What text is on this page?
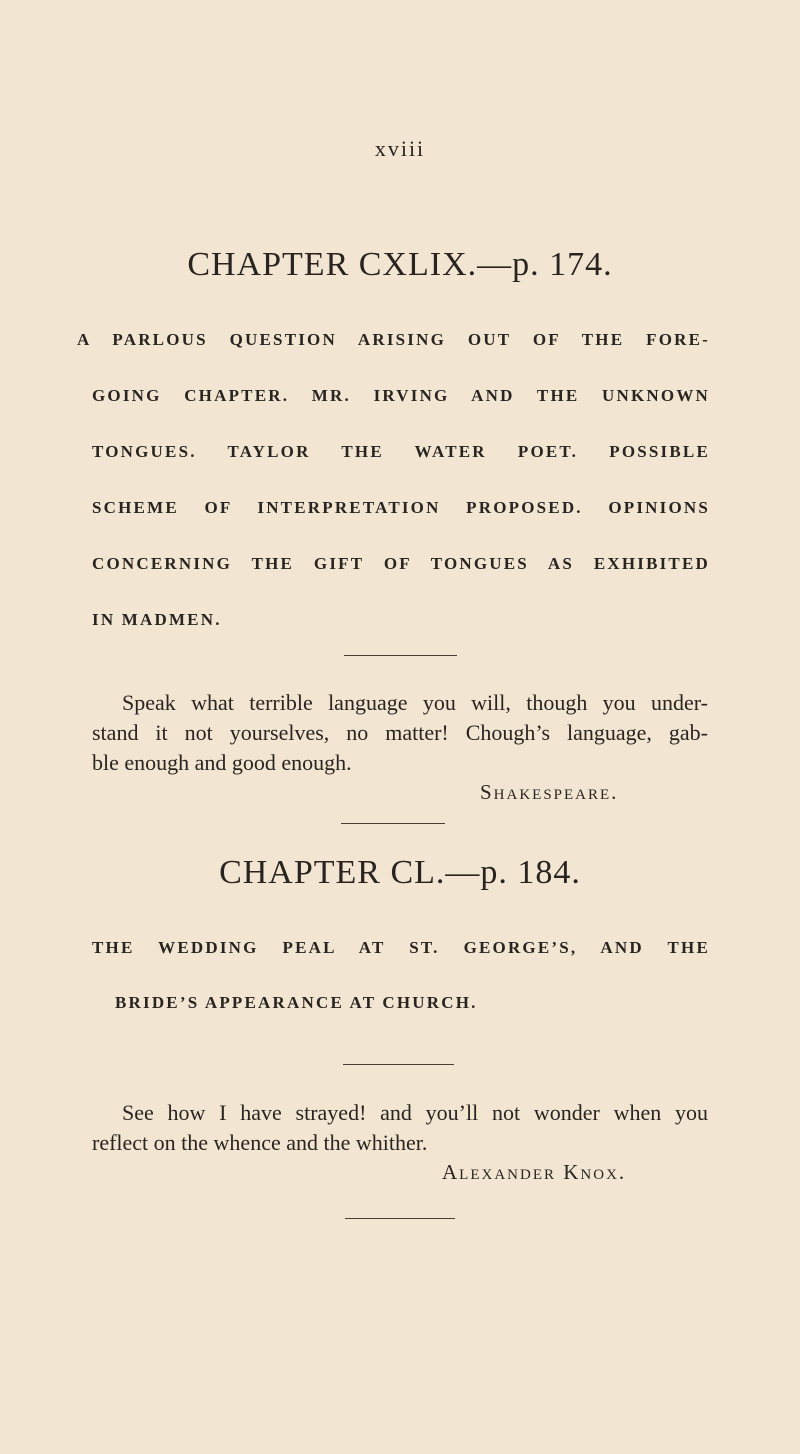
xviii
CHAPTER CXLIX.—p. 174.
A PARLOUS QUESTION ARISING OUT OF THE FORE-
GOING CHAPTER. MR. IRVING AND THE UNKNOWN
TONGUES. TAYLOR THE WATER POET. POSSIBLE
SCHEME OF INTERPRETATION PROPOSED. OPINIONS
CONCERNING THE GIFT OF TONGUES AS EXHIBITED
IN MADMEN.
Speak what terrible language you will, though you under-
stand it not yourselves, no matter! Chough’s language, gab-
ble enough and good enough.
Shakespeare.
CHAPTER CL.—p. 184.
THE WEDDING PEAL AT ST. GEORGE’S, AND THE
BRIDE’S APPEARANCE AT CHURCH.
See how I have strayed! and you’ll not wonder when you
reflect on the whence and the whither.
Alexander Knox.
